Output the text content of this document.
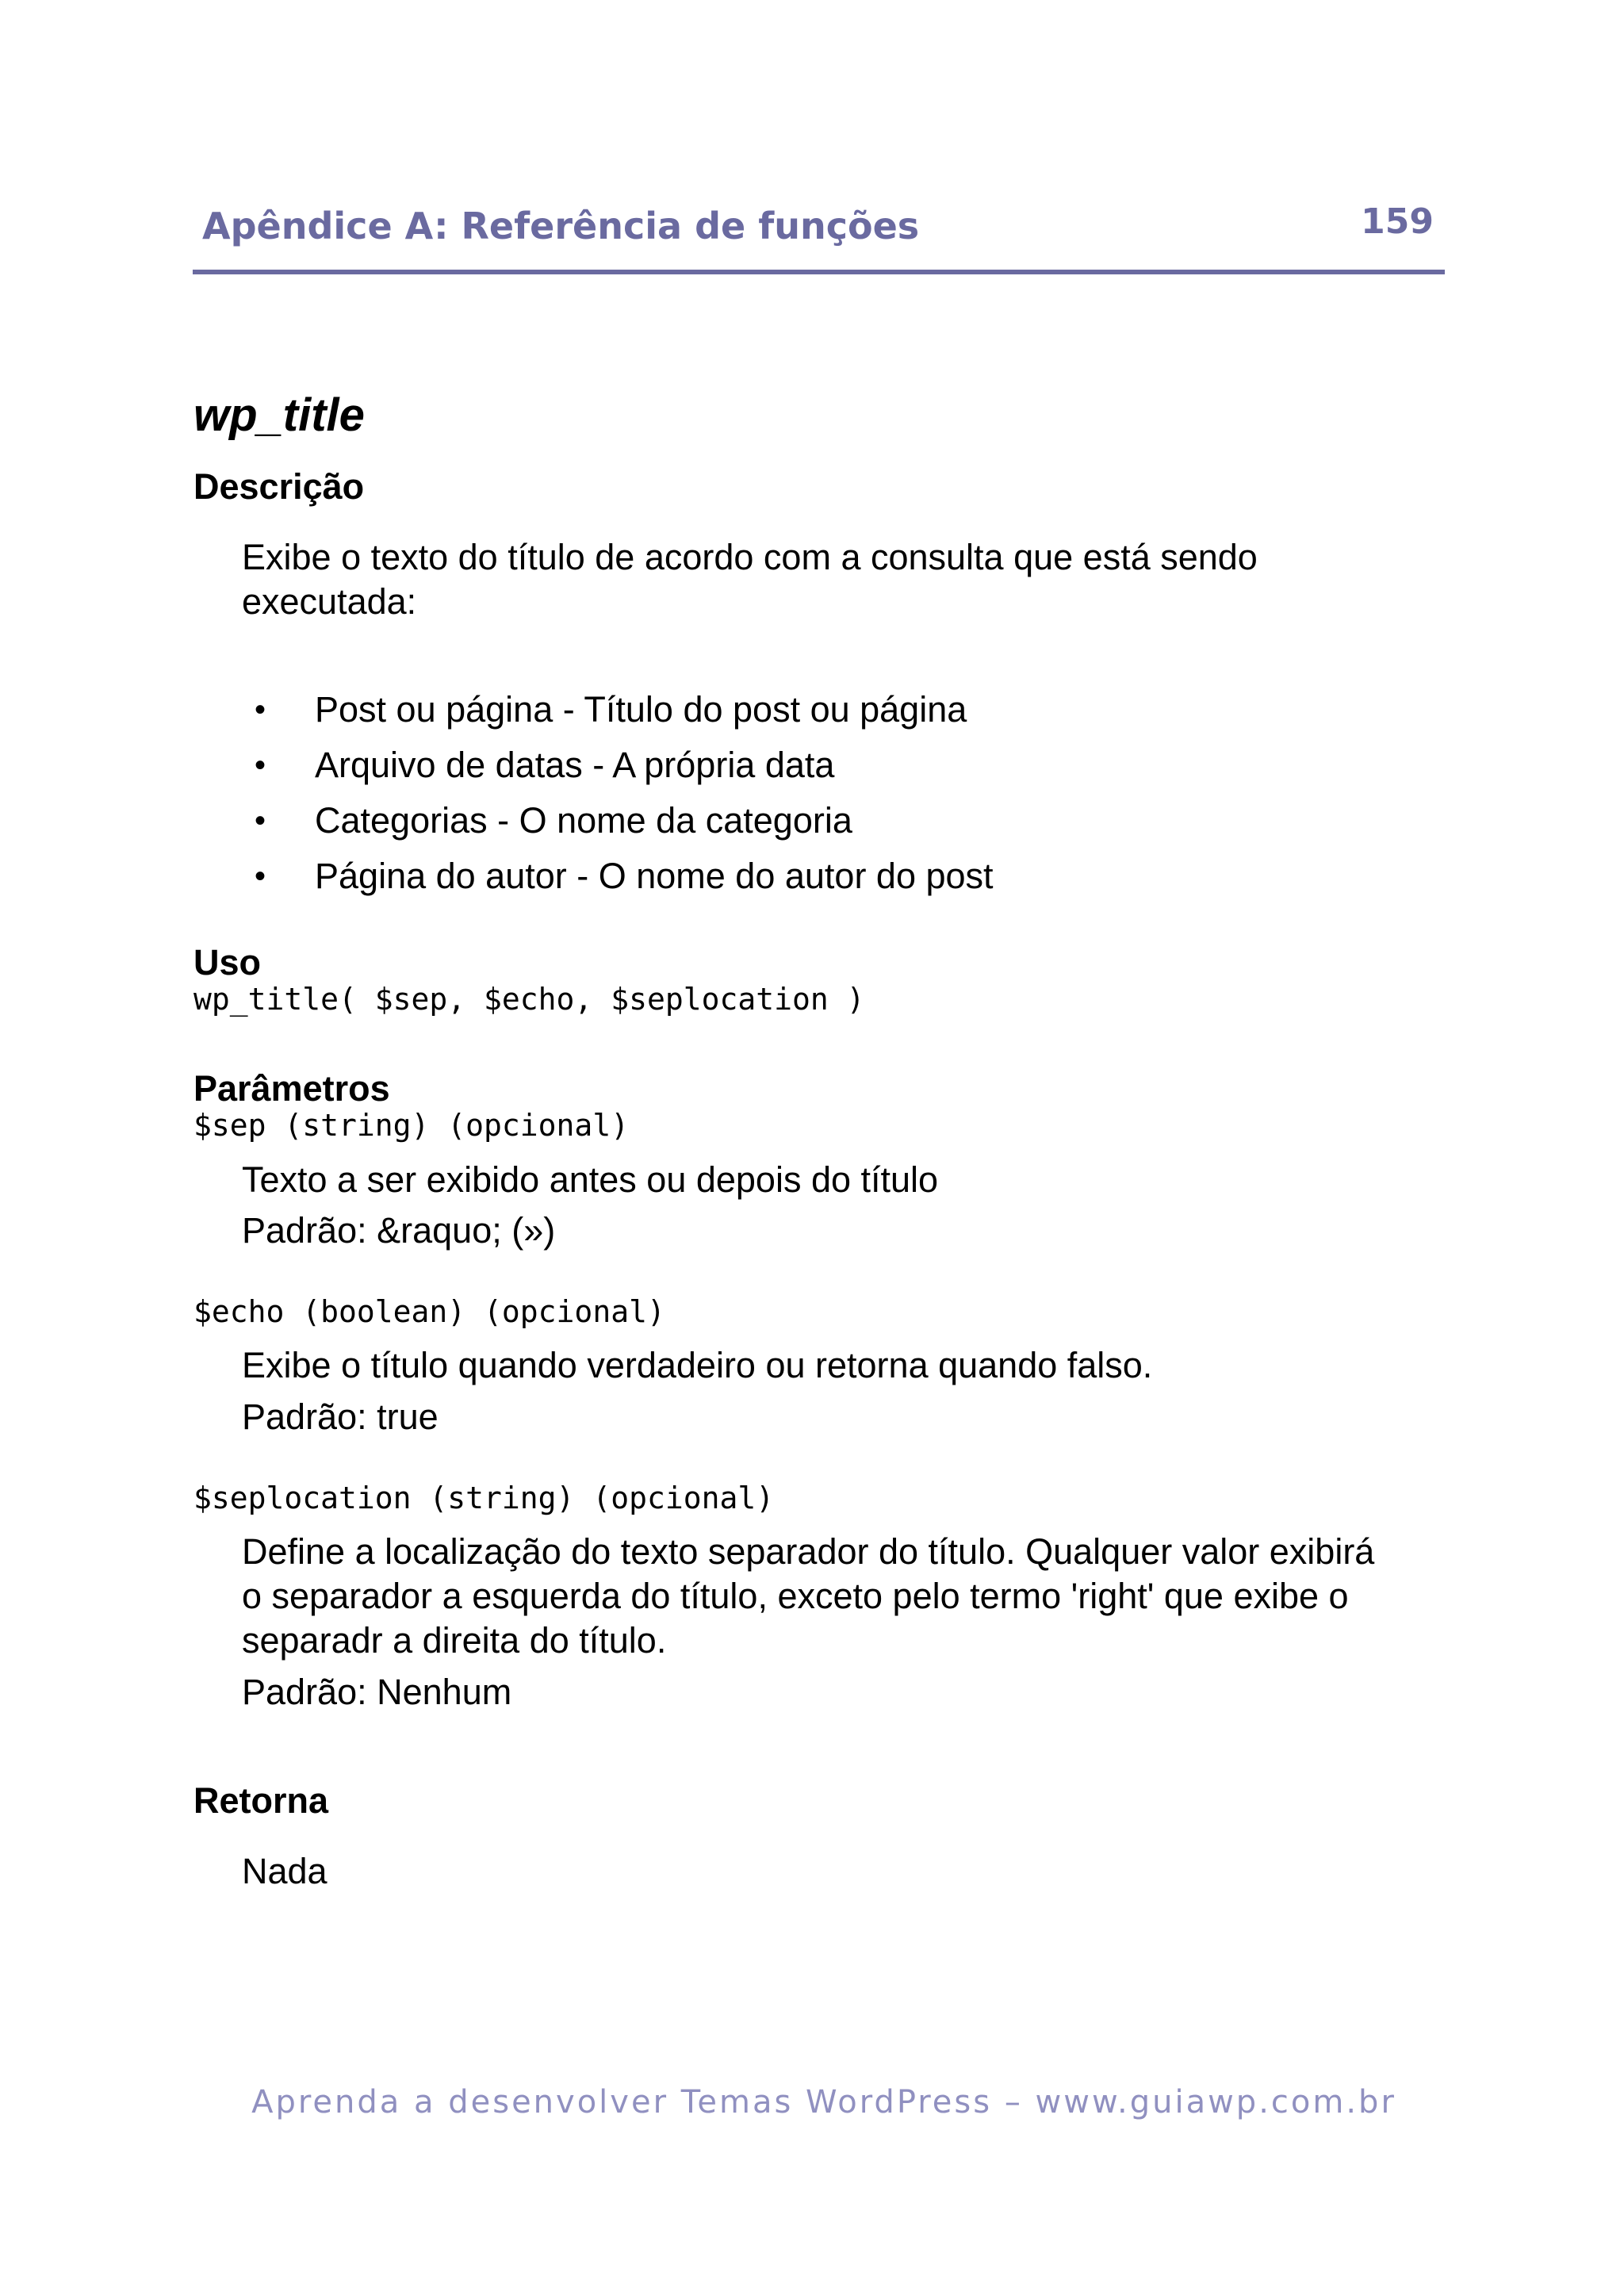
Apêndice A: Referência de funções	159
wp_title
Descrição
Exibe o texto do título de acordo com a consulta que está sendo
executada:
• Post ou página - Título do post ou página
• Arquivo de datas - A própria data
• Categorias - O nome da categoria
• Página do autor - O nome do autor do post
Uso
wp_title( $sep, $echo, $seplocation )
Parâmetros
$sep (string) (opcional)
Texto a ser exibido antes ou depois do título
Padrão: &raquo; (»)
$echo (boolean) (opcional)
Exibe o título quando verdadeiro ou retorna quando falso.
Padrão: true
$seplocation (string) (opcional)
Define a localização do texto separador do título. Qualquer valor exibirá
o separador a esquerda do título, exceto pelo termo 'right' que exibe o
separadr a direita do título.
Padrão: Nenhum
Retorna
Nada
Aprenda a desenvolver Temas WordPress – www.guiawp.com.br
